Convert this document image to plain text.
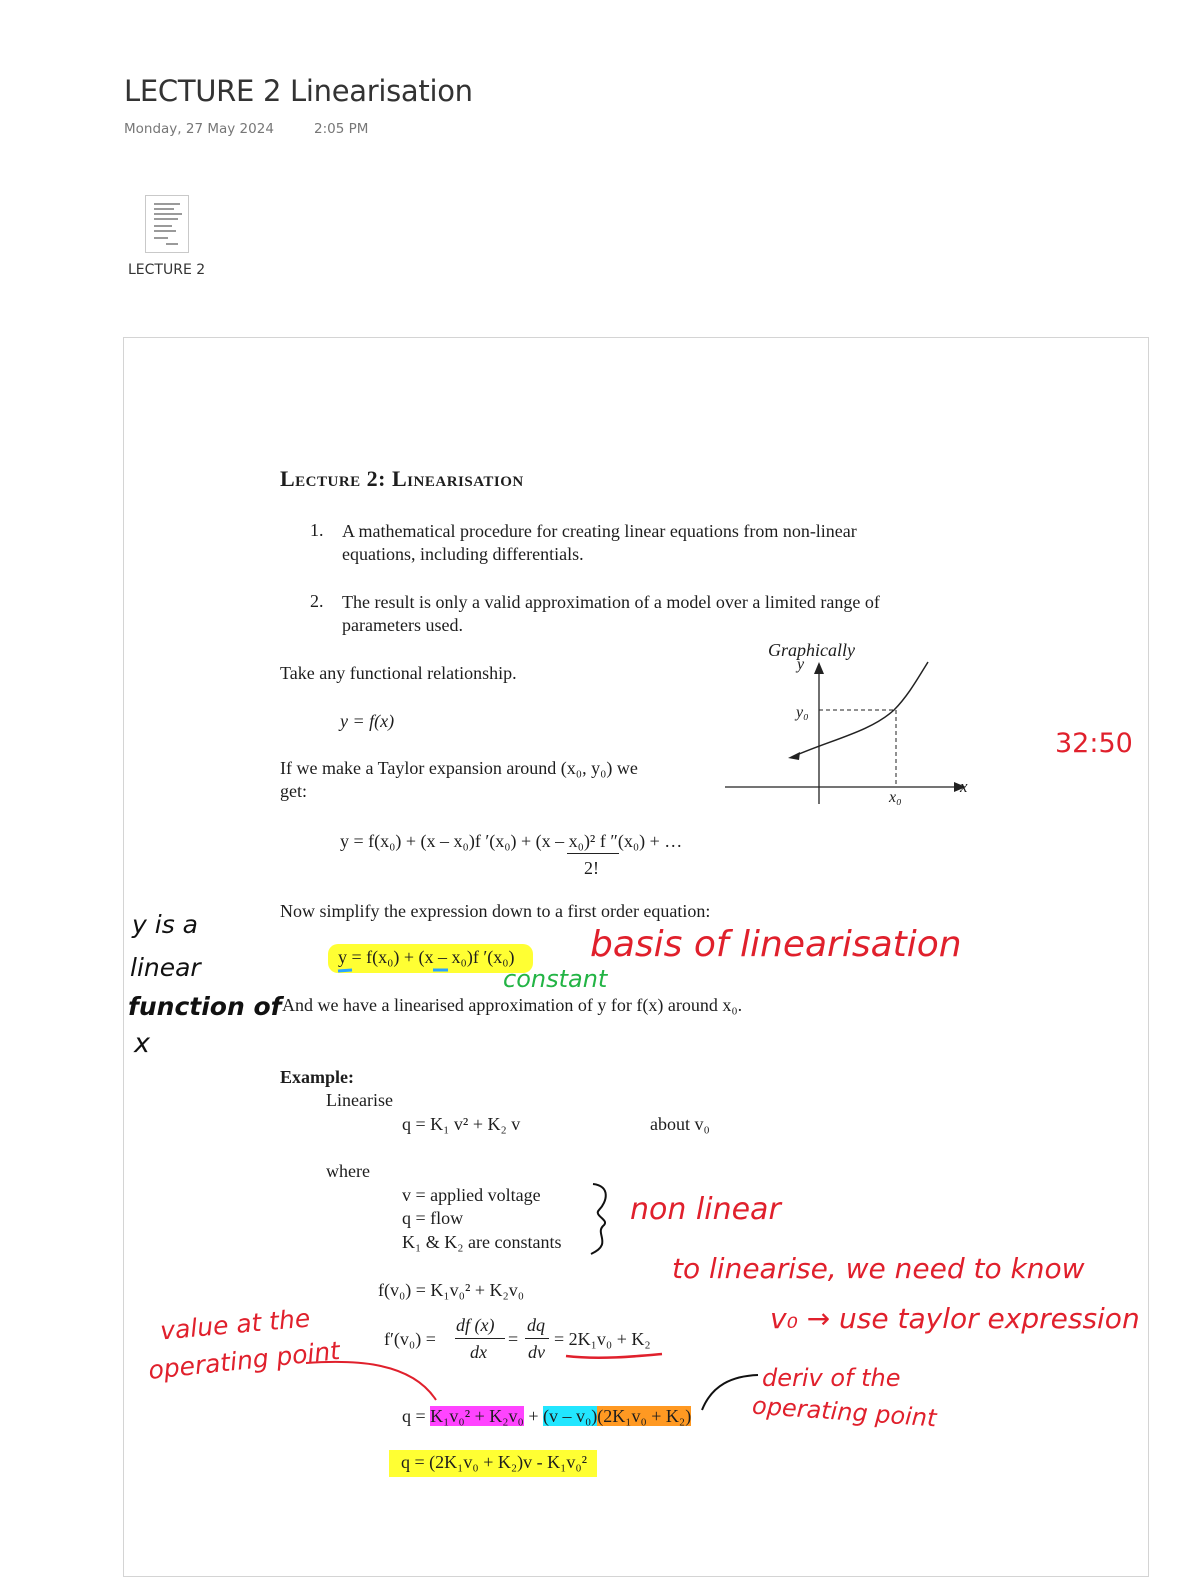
LECTURE 2 Linearisation
Monday, 27 May 2024	2:05 PM
LECTURE 2
Lecture 2: Linearisation
1. A mathematical procedure for creating linear equations from non-linear
equations, including differentials.
2. The result is only a valid approximation of a model over a limited range of
parameters used.
Take any functional relationship.
y = f(x)
If we make a Taylor expansion around (x₀, y₀) we
get:
y = f(x₀) + (x – x₀)f ′(x₀) + (x – x₀)² f ″(x₀) + …
2!
Graphically
y
y₀
x
x₀
Now simplify the expression down to a first order equation:
y = f(x₀) + (x – x₀)f ′(x₀)
And we have a linearised approximation of y for f(x) around x₀.
Example:
Linearise
q = K₁ v² + K₂ v	about v₀
where
v = applied voltage
q = flow
K₁ & K₂ are constants
f(v₀) = K₁v₀² + K₂v₀
f′(v₀) =
df (x)
dx
=
dq
dv
= 2K₁v₀ + K₂
q = K₁v₀² + K₂v₀ + (v – v₀)(2K₁v₀ + K₂)
q = (2K₁v₀ + K₂)v - K₁v₀²
32:50
basis of linearisation
constant
y is a
linear
function of
x
non linear
to linearise, we need to know
v₀ → use taylor expression
value at the
operating point	deriv of the
operating point
